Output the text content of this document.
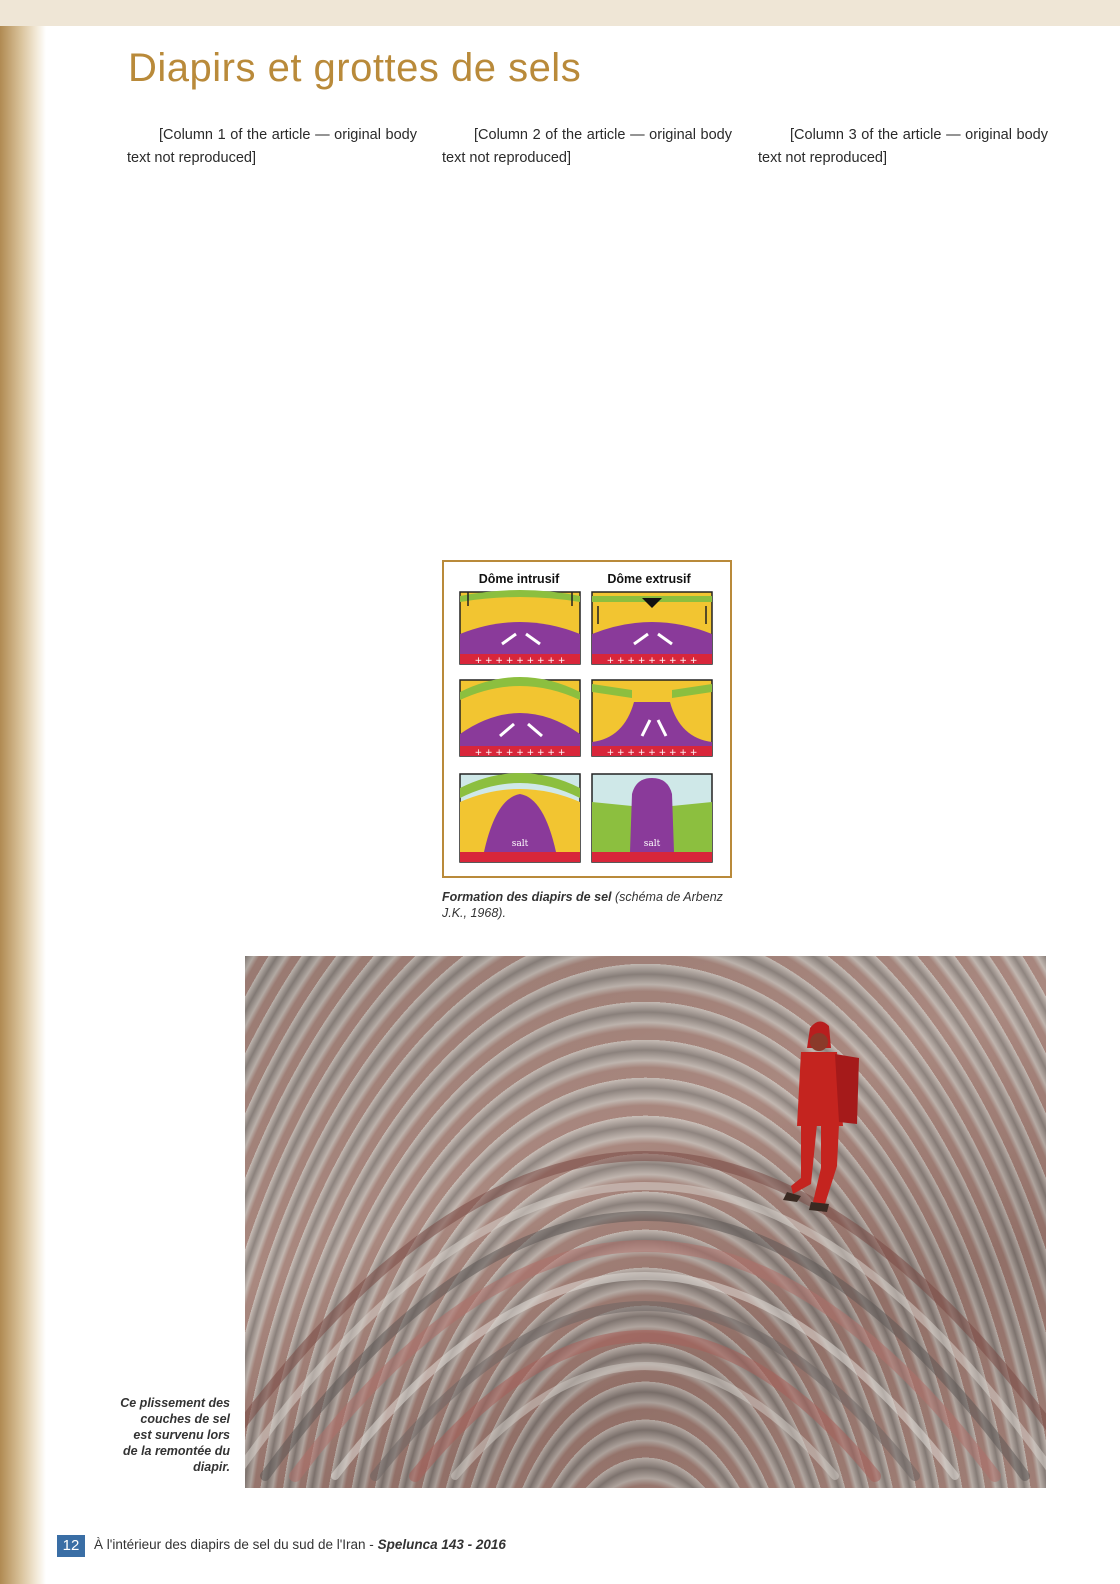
Diapirs et grottes de sels

[Column 1 of the article — original body text not reproduced]

[Column 2 of the article — original body text not reproduced]

[Column 3 of the article — original body text not reproduced]

Dôme intrusif	Dôme extrusif
+ + + + + + + + +	+ + + + + + + + +
+ + + + + + + + +	+ + + + + + + + +
salt	salt
Formation des diapirs de sel (schéma de Arbenz J.K., 1968).
Ce plissement des couches de sel est survenu lors de la remontée du diapir.
12	À l'intérieur des diapirs de sel du sud de l'Iran - Spelunca 143 - 2016
